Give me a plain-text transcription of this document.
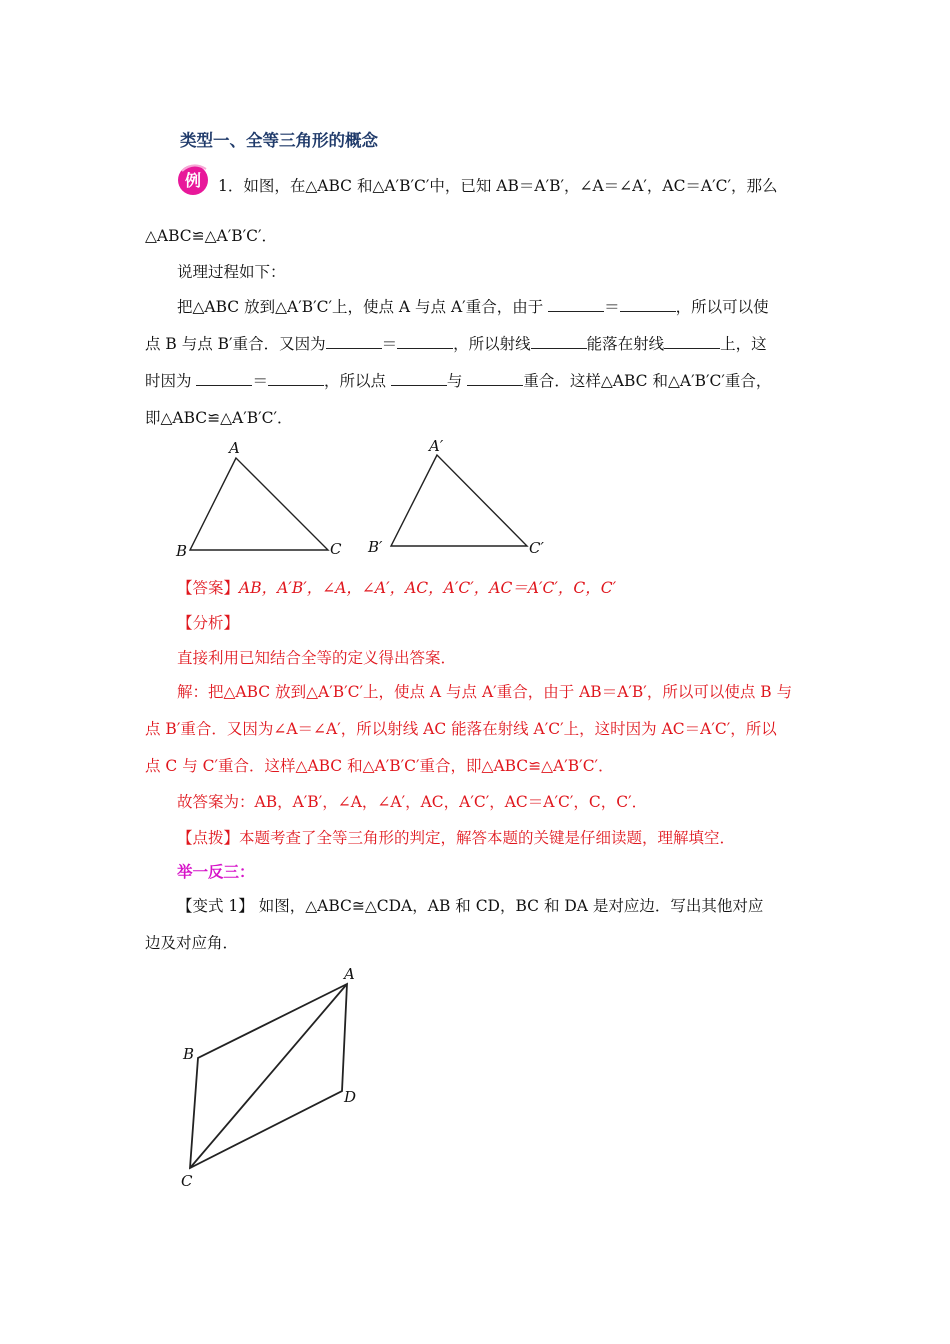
类型一、全等三角形的概念
例 1．如图，在△ABC 和△A′B′C′中，已知 AB＝A′B′，∠A＝∠A′，AC＝A′C′，那么
△ABC≌△A′B′C′．
说理过程如下：
把△ABC 放到△A′B′C′上，使点 A 与点 A′重合，由于	＝	，所以可以使
点 B 与点 B′重合．又因为	＝	，所以射线	能落在射线	上，这
时因为	＝	，所以点	与	重合．这样△ABC 和△A′B′C′重合，
即△ABC≌△A′B′C′．
A
B	C
A′
B′	C′
【答案】AB，A′B′，∠A，∠A′，AC，A′C′，AC＝A′C′，C，C′
【分析】
直接利用已知结合全等的定义得出答案．
解：把△ABC 放到△A′B′C′上，使点 A 与点 A′重合，由于 AB＝A′B′，所以可以使点 B 与
点 B′重合．又因为∠A＝∠A′，所以射线 AC 能落在射线 A′C′上，这时因为 AC＝A′C′，所以
点 C 与 C′重合．这样△ABC 和△A′B′C′重合，即△ABC≌△A′B′C′．
故答案为：AB，A′B′，∠A，∠A′，AC，A′C′，AC＝A′C′，C，C′．
【点拨】本题考查了全等三角形的判定，解答本题的关键是仔细读题，理解填空．
举一反三：
【变式 1】 如图，△ABC≅△CDA，AB 和 CD，BC 和 DA 是对应边．写出其他对应
边及对应角．
A
B
C
D
